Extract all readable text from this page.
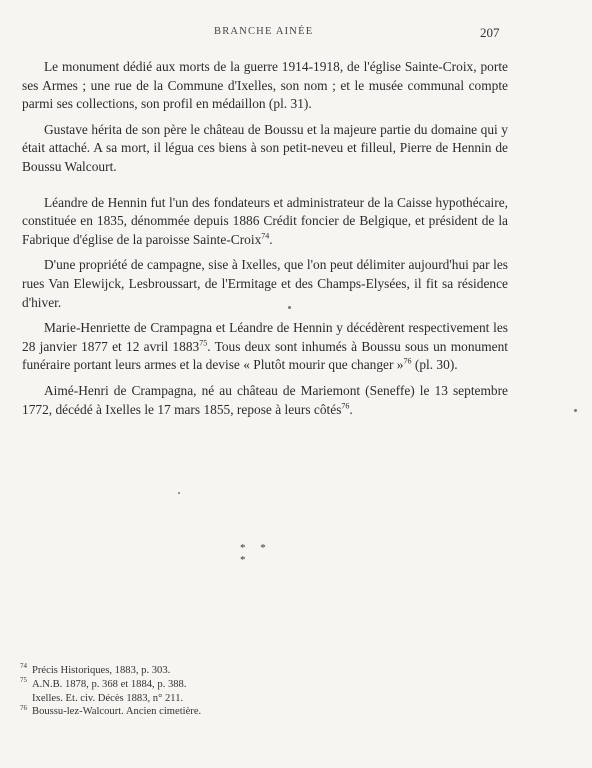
BRANCHE AINÉE	207

Le monument dédié aux morts de la guerre 1914-1918, de l'église Sainte-Croix, porte ses Armes ; une rue de la Commune d'Ixelles, son nom ; et le musée communal compte parmi ses collections, son profil en médaillon (pl. 31).

Gustave hérita de son père le château de Boussu et la majeure partie du domaine qui y était attaché. A sa mort, il légua ces biens à son petit-neveu et filleul, Pierre de Hennin de Boussu Walcourt.

Léandre de Hennin fut l'un des fondateurs et administrateur de la Caisse hypothécaire, constituée en 1835, dénommée depuis 1886 Crédit foncier de Belgique, et président de la Fabrique d'église de la paroisse Sainte-Croix$^{74}$.

D'une propriété de campagne, sise à Ixelles, que l'on peut délimiter aujourd'hui par les rues Van Elewijck, Lesbroussart, de l'Ermitage et des Champs-Elysées, il fit sa résidence d'hiver.

Marie-Henriette de Crampagna et Léandre de Hennin y décédèrent respectivement les 28 janvier 1877 et 12 avril 1883$^{75}$. Tous deux sont inhumés à Boussu sous un monument funéraire portant leurs armes et la devise « Plutôt mourir que changer »$^{76}$ (pl. 30).

Aimé-Henri de Crampagna, né au château de Mariemont (Seneffe) le 13 septembre 1772, décédé à Ixelles le 17 mars 1855, repose à leurs côtés$^{76}$.

* * *

74 Précis Historiques, 1883, p. 303.

75 A.N.B. 1878, p. 368 et 1884, p. 388.

Ixelles. Et. civ. Décès 1883, n° 211.

76 Boussu-lez-Walcourt. Ancien cimetière.
